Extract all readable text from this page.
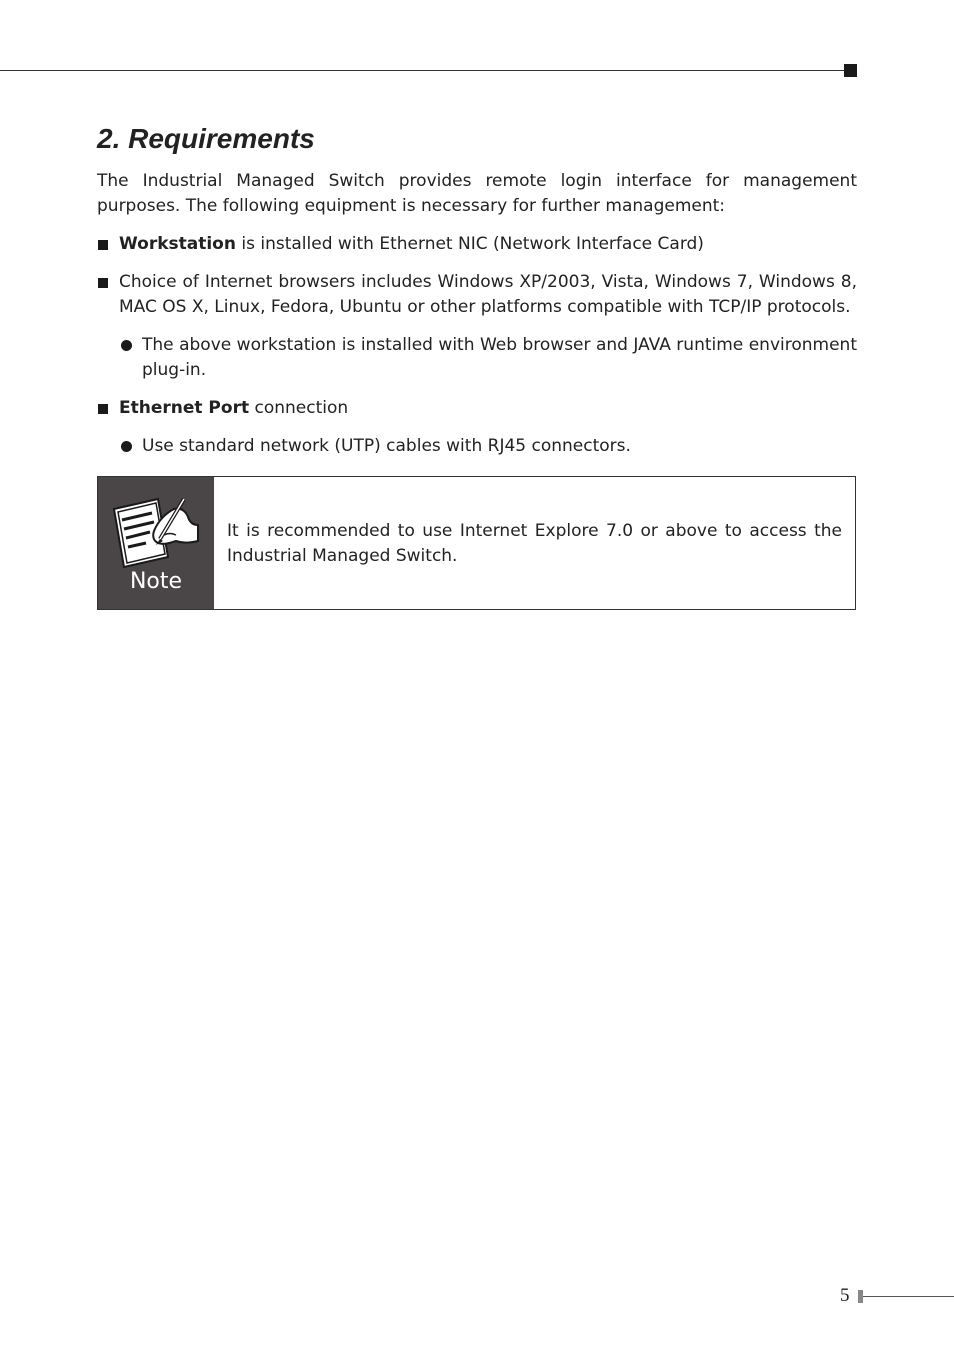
2. Requirements

The Industrial Managed Switch provides remote login interface for management purposes. The following equipment is necessary for further management:

Workstation is installed with Ethernet NIC (Network Interface Card)
Choice of Internet browsers includes Windows XP/2003, Vista, Windows 7, Windows 8, MAC OS X, Linux, Fedora, Ubuntu or other platforms compatible with TCP/IP protocols.
The above workstation is installed with Web browser and JAVA runtime environment plug-in.
Ethernet Port connection
Use standard network (UTP) cables with RJ45 connectors.
Note
It is recommended to use Internet Explore 7.0 or above to access the Industrial Managed Switch.
5
